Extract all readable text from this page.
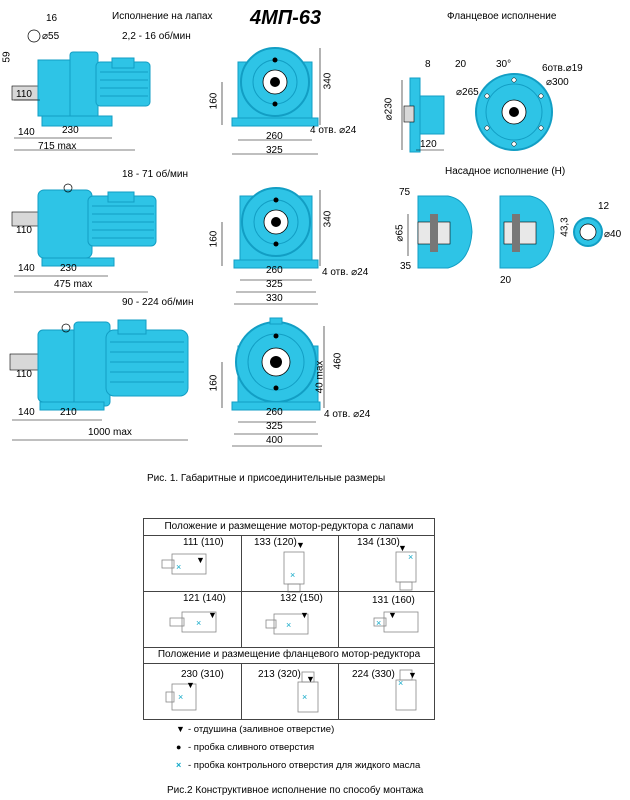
×
▼
×
▼
×
▼
×
▼
×
▼
×
▼
×
▼
×
▼	×
▼
4МП-63
Исполнение на лапах	Фланцевое исполнение
Насадное исполнение (Н)
2,2 - 16 об/мин
18 - 71 об/мин
90 - 224 об/мин
16
⌀55
59
110
140	230
715 max
160
340
260
325
4 отв. ⌀24
110
140	230
475 max
160
340
260
325
330
4 отв. ⌀24
110
140	210
1000 max
160
460
40 max
260
325
400
4 отв. ⌀24
8 20	30°	6отв.⌀19
⌀300
⌀265
⌀230
120
75
⌀65
35
20
12
43,3	⌀40
Рис. 1. Габаритные и присоединительные размеры
Положение и размещение мотор-редуктора с лапами
Положение и размещение фланцевого мотор-редуктора
111 (110)	133 (120)	134 (130)
121 (140)	132 (150)	131 (160)
230 (310)	213 (320)	224 (330)
▼ - отдушина (заливное отверстие)
● - пробка сливного отверстия
× - пробка контрольного отверстия для жидкого масла
Рис.2 Конструктивное исполнение по способу монтажа
